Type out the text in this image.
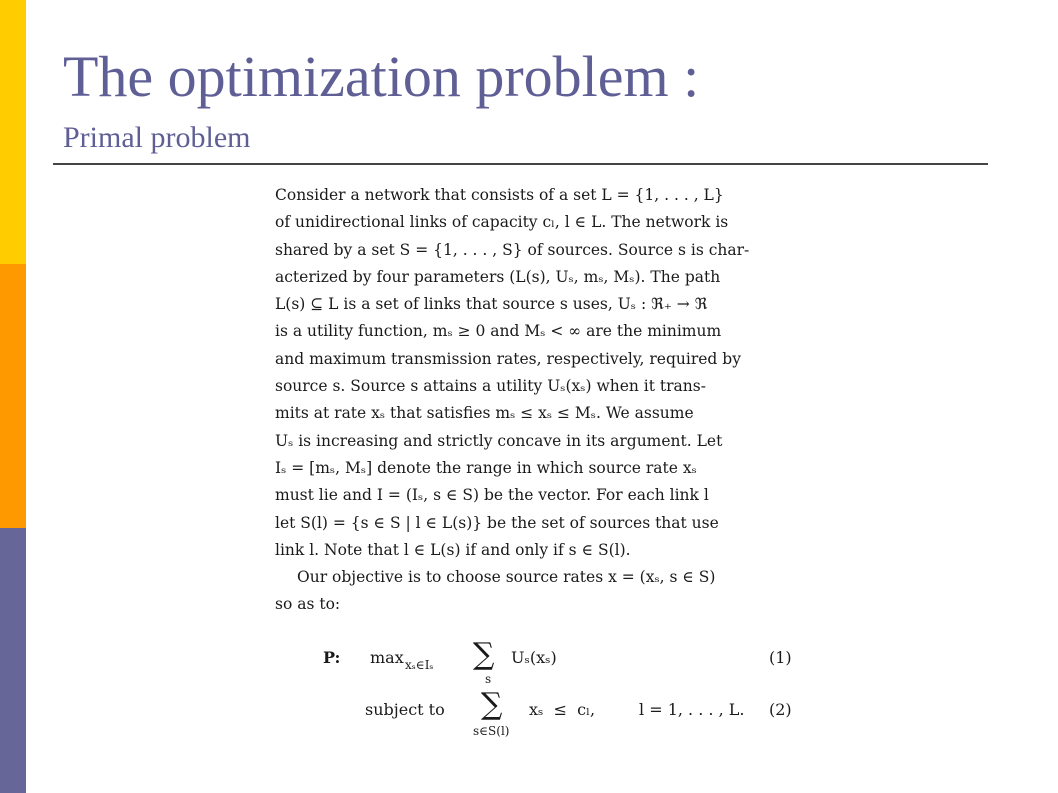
The optimization problem :
Primal problem
Consider a network that consists of a set L = {1, . . . , L}
of unidirectional links of capacity cₗ, l ∈ L. The network is
shared by a set S = {1, . . . , S} of sources. Source s is char-
acterized by four parameters (L(s), Uₛ, mₛ, Mₛ). The path
L(s) ⊆ L is a set of links that source s uses, Uₛ : ℜ₊ → ℜ
is a utility function, mₛ ≥ 0 and Mₛ < ∞ are the minimum
and maximum transmission rates, respectively, required by
source s. Source s attains a utility Uₛ(xₛ) when it trans-
mits at rate xₛ that satisfies mₛ ≤ xₛ ≤ Mₛ. We assume
Uₛ is increasing and strictly concave in its argument. Let
Iₛ = [mₛ, Mₛ] denote the range in which source rate xₛ
must lie and I = (Iₛ, s ∈ S) be the vector. For each link l
let S(l) = {s ∈ S | l ∈ L(s)} be the set of sources that use
link l. Note that l ∈ L(s) if and only if s ∈ S(l).
Our objective is to choose source rates x = (xₛ, s ∈ S)
so as to:
P: max xₛ∈Iₛ ∑
s
Uₛ(xₛ)	(1)
subject to ∑
s∈S(l)
xₛ  ≤  cₗ,	l = 1, . . . , L. (2)
